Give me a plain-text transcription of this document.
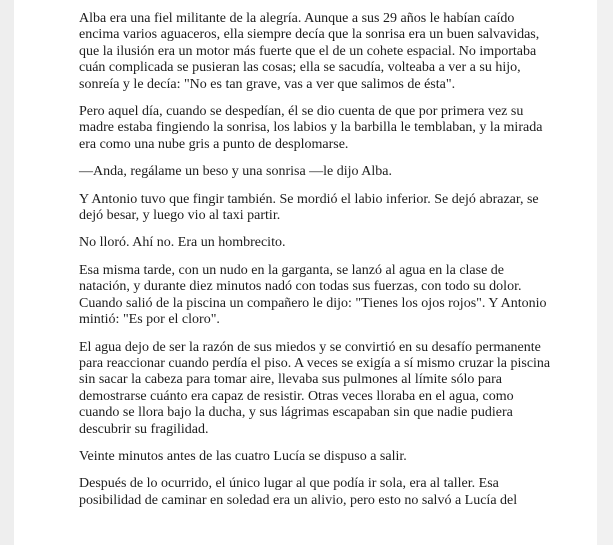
Alba era una fiel militante de la alegría. Aunque a sus 29 años le habían caído encima varios aguaceros, ella siempre decía que la sonrisa era un buen salvavidas, que la ilusión era un motor más fuerte que el de un cohete espacial. No importaba cuán complicada se pusieran las cosas; ella se sacudía, volteaba a ver a su hijo, sonreía y le decía: "No es tan grave, vas a ver que salimos de ésta".

Pero aquel día, cuando se despedían, él se dio cuenta de que por primera vez su madre estaba fingiendo la sonrisa, los labios y la barbilla le temblaban, y la mirada era como una nube gris a punto de desplomarse.

—Anda, regálame un beso y una sonrisa —le dijo Alba.

Y Antonio tuvo que fingir también. Se mordió el labio inferior. Se dejó abrazar, se dejó besar, y luego vio al taxi partir.

No lloró. Ahí no. Era un hombrecito.

Esa misma tarde, con un nudo en la garganta, se lanzó al agua en la clase de natación, y durante diez minutos nadó con todas sus fuerzas, con todo su dolor. Cuando salió de la piscina un compañero le dijo: "Tienes los ojos rojos". Y Antonio mintió: "Es por el cloro".

El agua dejo de ser la razón de sus miedos y se convirtió en su desafío permanente para reaccionar cuando perdía el piso. A veces se exigía a sí mismo cruzar la piscina sin sacar la cabeza para tomar aire, llevaba sus pulmones al límite sólo para demostrarse cuánto era capaz de resistir. Otras veces lloraba en el agua, como cuando se llora bajo la ducha, y sus lágrimas escapaban sin que nadie pudiera descubrir su fragilidad.

Veinte minutos antes de las cuatro Lucía se dispuso a salir.

Después de lo ocurrido, el único lugar al que podía ir sola, era al taller. Esa posibilidad de caminar en soledad era un alivio, pero esto no salvó a Lucía del
